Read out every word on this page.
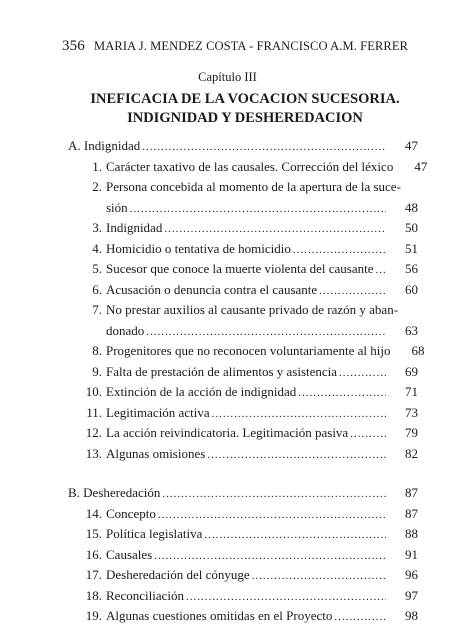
356 MARIA J. MENDEZ COSTA - FRANCISCO A.M. FERRER
Capítulo III
INEFICACIA DE LA VOCACION SUCESORIA.
INDIGNIDAD Y DESHEREDACION
A. Indignidad .....	47
1. Carácter taxativo de las causales. Corrección del léxico	47
2. Persona concebida al momento de la apertura de la suce-
sión .....	48
3. Indignidad .....	50
4. Homicidio o tentativa de homicidio .....	51
5. Sucesor que conoce la muerte violenta del causante .....	56
6. Acusación o denuncia contra el causante .....	60
7. No prestar auxilios al causante privado de razón y aban-
donado .....	63
8. Progenitores que no reconocen voluntariamente al hijo	68
9. Falta de prestación de alimentos y asistencia .....	69
10. Extinción de la acción de indignidad .....	71
11. Legitimación activa .....	73
12. La acción reivindicatoria. Legitimación pasiva .....	79
13. Algunas omisiones .....	82
B. Desheredación .....	87
14. Concepto .....	87
15. Política legislativa .....	88
16. Causales .....	91
17. Desheredación del cónyuge .....	96
18. Reconciliación .....	97
19. Algunas cuestiones omitidas en el Proyecto .....	98
